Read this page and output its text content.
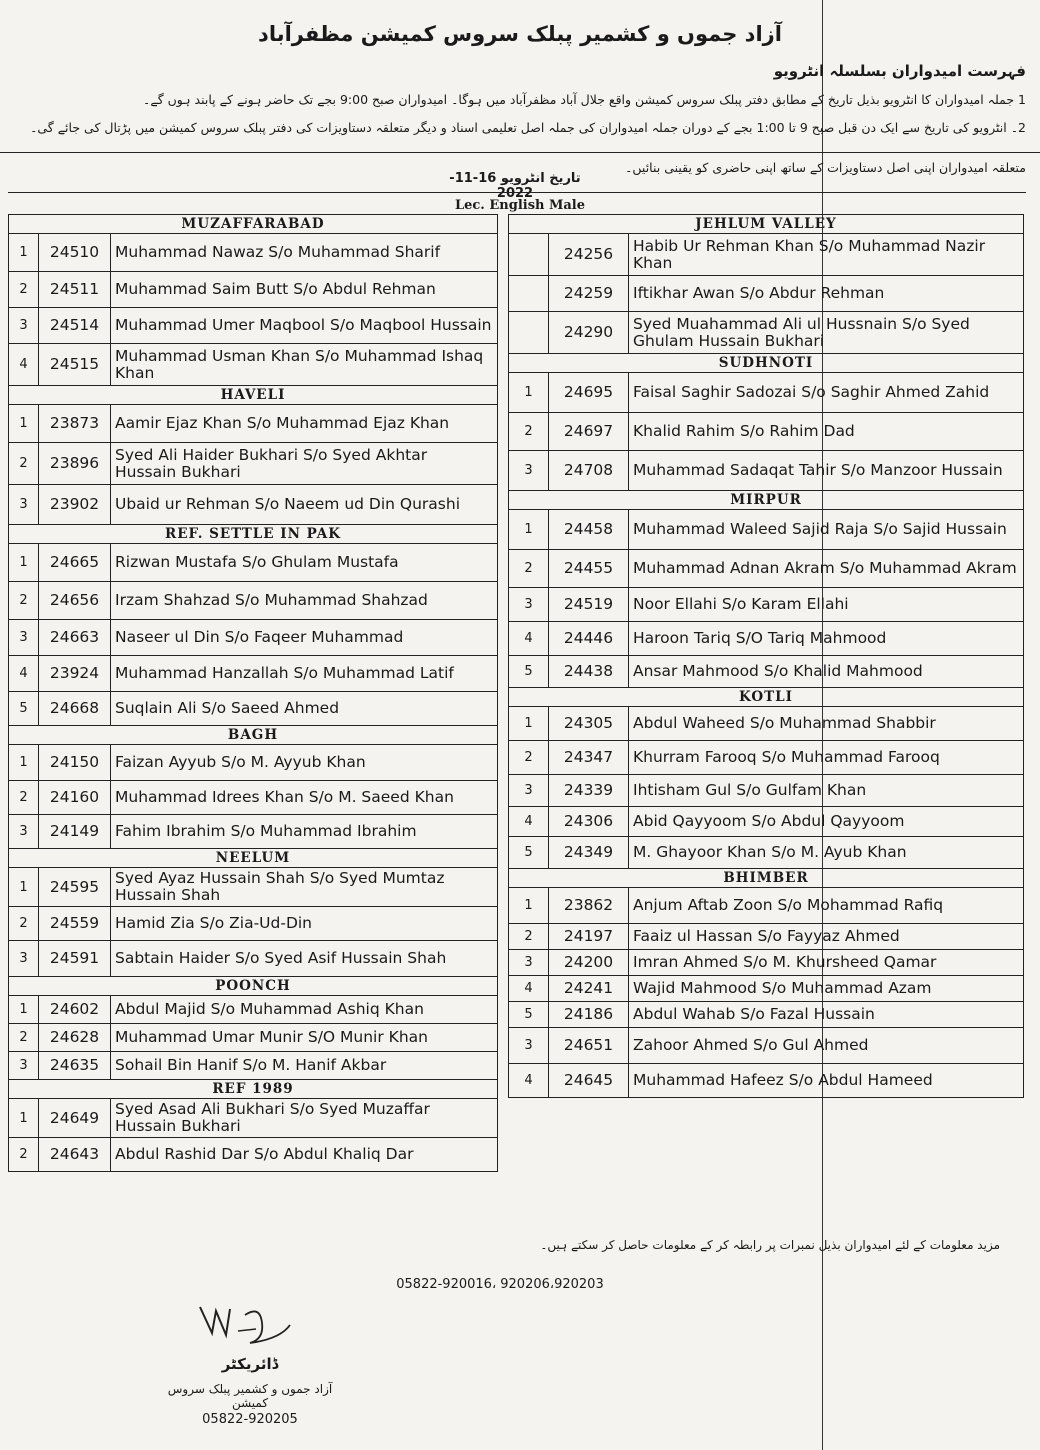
آزاد جموں و کشمیر پبلک سروس کمیشن مظفرآباد
فہرست امیدواران بسلسلہ انٹرویو
1 جملہ امیدواران کا انٹرویو بذیل تاریخ کے مطابق دفتر پبلک سروس کمیشن واقع جلال آباد مظفرآباد میں ہوگا۔ امیدواران صبح 9:00 بجے تک حاضر ہونے کے پابند ہوں گے۔
2۔ انٹرویو کی تاریخ سے ایک دن قبل صبح 9 تا 1:00 بجے کے دوران جملہ امیدواران کی جملہ اصل تعلیمی اسناد و دیگر متعلقہ دستاویزات کی دفتر پبلک سروس کمیشن میں پڑتال کی جائے گی۔
متعلقہ امیدواران اپنی اصل دستاویزات کے ساتھ اپنی حاضری کو یقینی بنائیں۔
تاریخ انٹرویو 16-11-2022
Lec. English Male
MUZAFFARABAD		
1	24510	Muhammad Nawaz S/o Muhammad Sharif
2	24511	Muhammad Saim Butt S/o Abdul Rehman
3	24514	Muhammad Umer Maqbool S/o Maqbool Hussain
4	24515	Muhammad Usman Khan S/o Muhammad Ishaq Khan
HAVELI		
1	23873	Aamir Ejaz Khan S/o Muhammad Ejaz Khan
2	23896	Syed Ali Haider Bukhari S/o Syed Akhtar Hussain Bukhari
3	23902	Ubaid ur Rehman S/o Naeem ud Din Qurashi
REF. SETTLE IN PAK		
1	24665	Rizwan Mustafa S/o Ghulam Mustafa
2	24656	Irzam Shahzad S/o Muhammad Shahzad
3	24663	Naseer ul Din S/o Faqeer Muhammad
4	23924	Muhammad Hanzallah S/o Muhammad Latif
5	24668	Suqlain Ali S/o Saeed Ahmed
BAGH		
1	24150	Faizan Ayyub S/o M. Ayyub Khan
2	24160	Muhammad Idrees Khan S/o M. Saeed Khan
3	24149	Fahim Ibrahim S/o Muhammad Ibrahim
NEELUM		
1	24595	Syed Ayaz Hussain Shah S/o Syed Mumtaz Hussain Shah
2	24559	Hamid Zia S/o Zia-Ud-Din
3	24591	Sabtain Haider S/o Syed Asif Hussain Shah
POONCH		
1	24602	Abdul Majid S/o Muhammad Ashiq Khan
2	24628	Muhammad Umar Munir S/O Munir Khan
3	24635	Sohail Bin Hanif S/o M. Hanif Akbar
REF 1989		
1	24649	Syed Asad Ali Bukhari S/o Syed Muzaffar Hussain Bukhari
2	24643	Abdul Rashid Dar S/o Abdul Khaliq Dar
JEHLUM VALLEY		
	24256	Habib Ur Rehman Khan S/o Muhammad Nazir Khan
	24259	Iftikhar Awan S/o Abdur Rehman
	24290	Syed Muahammad Ali ul Hussnain S/o Syed Ghulam Hussain Bukhari
SUDHNOTI		
1	24695	Faisal Saghir Sadozai S/o Saghir Ahmed Zahid
2	24697	Khalid Rahim S/o Rahim Dad
3	24708	Muhammad Sadaqat Tahir S/o Manzoor Hussain
MIRPUR		
1	24458	Muhammad Waleed Sajid Raja S/o Sajid Hussain
2	24455	Muhammad Adnan Akram S/o Muhammad Akram
3	24519	Noor Ellahi S/o Karam Ellahi
4	24446	Haroon Tariq S/O Tariq Mahmood
5	24438	Ansar Mahmood S/o Khalid Mahmood
KOTLI		
1	24305	Abdul Waheed S/o Muhammad Shabbir
2	24347	Khurram Farooq S/o Muhammad Farooq
3	24339	Ihtisham Gul S/o Gulfam Khan
4	24306	Abid Qayyoom S/o Abdul Qayyoom
5	24349	M. Ghayoor Khan S/o M. Ayub Khan
BHIMBER		
1	23862	Anjum Aftab Zoon S/o Mohammad Rafiq
2	24197	Faaiz ul Hassan S/o Fayyaz Ahmed
3	24200	Imran Ahmed S/o M. Khursheed Qamar
4	24241	Wajid Mahmood S/o Muhammad Azam
5	24186	Abdul Wahab S/o Fazal Hussain
3	24651	Zahoor Ahmed S/o Gul Ahmed
4	24645	Muhammad Hafeez S/o Abdul Hameed
مزید معلومات کے لئے امیدواران بذیل نمبرات پر رابطہ کر کے معلومات حاصل کر سکتے ہیں۔
05822-920016، 920206،920203
ڈائریکٹر
آزاد جموں و کشمیر پبلک سروس کمیشن
05822-920205
